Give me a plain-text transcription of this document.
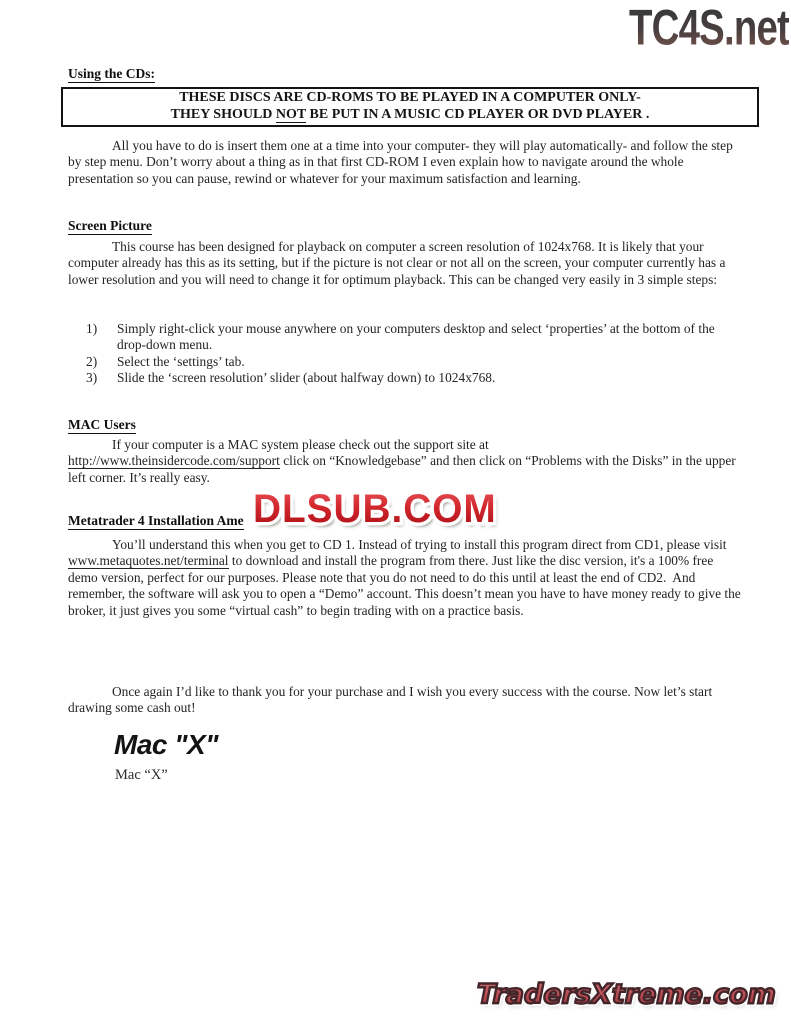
TC4S.net
Using the CDs:
THESE DISCS ARE CD-ROMS TO BE PLAYED IN A COMPUTER ONLY-
THEY SHOULD NOT BE PUT IN A MUSIC CD PLAYER OR DVD PLAYER .

All you have to do is insert them one at a time into your computer- they will play automatically- and follow the step by step menu. Don’t worry about a thing as in that first CD-ROM I even explain how to navigate around the whole presentation so you can pause, rewind or whatever for your maximum satisfaction and learning.

Screen Picture

This course has been designed for playback on computer a screen resolution of 1024x768. It is likely that your computer already has this as its setting, but if the picture is not clear or not all on the screen, your computer currently has a lower resolution and you will need to change it for optimum playback. This can be changed very easily in 3 simple steps:

1) Simply right-click your mouse anywhere on your computers desktop and select ‘properties’ at the bottom of the drop-down menu.
2) Select the ‘settings’ tab.
3) Slide the ‘screen resolution’ slider (about halfway down) to 1024x768.
MAC Users

If your computer is a MAC system please check out the support site at
http://www.theinsidercode.com/support click on “Knowledgebase” and then click on “Problems with the Disks” in the upper left corner. It’s really easy.

Metatrader 4 Installation Ame DLSUB.COM DLSUB.COM

You’ll understand this when you get to CD 1. Instead of trying to install this program direct from CD1, please visit www.metaquotes.net/terminal to download and install the program from there. Just like the disc version, it's a 100% free demo version, perfect for our purposes. Please note that you do not need to do this until at least the end of CD2.  And remember, the software will ask you to open a “Demo” account. This doesn’t mean you have to have money ready to give the broker, it just gives you some “virtual cash” to begin trading with on a practice basis.

Once again I’d like to thank you for your purchase and I wish you every success with the course. Now let’s start drawing some cash out!

Mac "X"
Mac “X”
TradersXtreme.com TradersXtreme.com TradersXtreme.com
